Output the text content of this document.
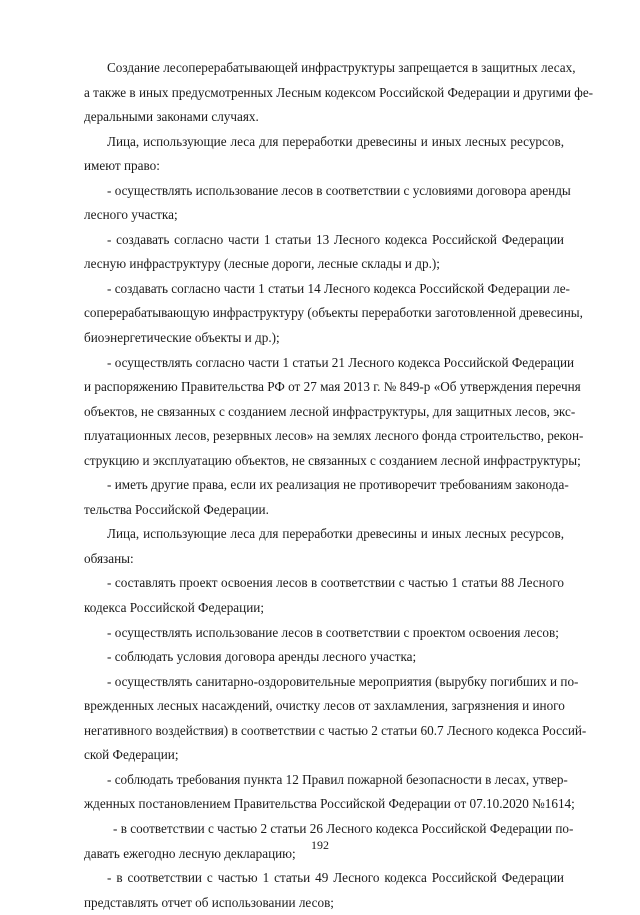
Создание лесоперерабатывающей инфраструктуры запрещается в защитных лесах,
а также в иных предусмотренных Лесным кодексом Российской Федерации и другими фе-
деральными законами случаях.

Лица, использующие леса для переработки древесины и иных лесных ресурсов,
имеют право:

- осуществлять использование лесов в соответствии с условиями договора аренды
лесного участка;

- создавать согласно части 1 статьи 13 Лесного кодекса Российской Федерации
лесную инфраструктуру (лесные дороги, лесные склады и др.);

- создавать согласно части 1 статьи 14 Лесного кодекса Российской Федерации ле-
соперерабатывающую инфраструктуру (объекты переработки заготовленной древесины,
биоэнергетические объекты и др.);

- осуществлять согласно части 1 статьи 21 Лесного кодекса Российской Федерации
и распоряжению Правительства РФ от 27 мая 2013 г. № 849-р «Об утверждения перечня
объектов, не связанных с созданием лесной инфраструктуры, для защитных лесов, экс-
плуатационных лесов, резервных лесов» на землях лесного фонда строительство, рекон-
струкцию и эксплуатацию объектов, не связанных с созданием лесной инфраструктуры;

- иметь другие права, если их реализация не противоречит требованиям законода-
тельства Российской Федерации.

Лица, использующие леса для переработки древесины и иных лесных ресурсов,
обязаны:

- составлять проект освоения лесов в соответствии с частью 1 статьи 88 Лесного
кодекса Российской Федерации;

- осуществлять использование лесов в соответствии с проектом освоения лесов;

- соблюдать условия договора аренды лесного участка;

- осуществлять санитарно-оздоровительные мероприятия (вырубку погибших и по-
врежденных лесных насаждений, очистку лесов от захламления, загрязнения и иного
негативного воздействия) в соответствии с частью 2 статьи 60.7 Лесного кодекса Россий-
ской Федерации;

- соблюдать требования пункта 12 Правил пожарной безопасности в лесах, утвер-
жденных постановлением Правительства Российской Федерации от 07.10.2020 №1614;

- в соответствии с частью 2 статьи 26 Лесного кодекса Российской Федерации по-
давать ежегодно лесную декларацию;

- в соответствии с частью 1 статьи 49 Лесного кодекса Российской Федерации
представлять отчет об использовании лесов;

192
